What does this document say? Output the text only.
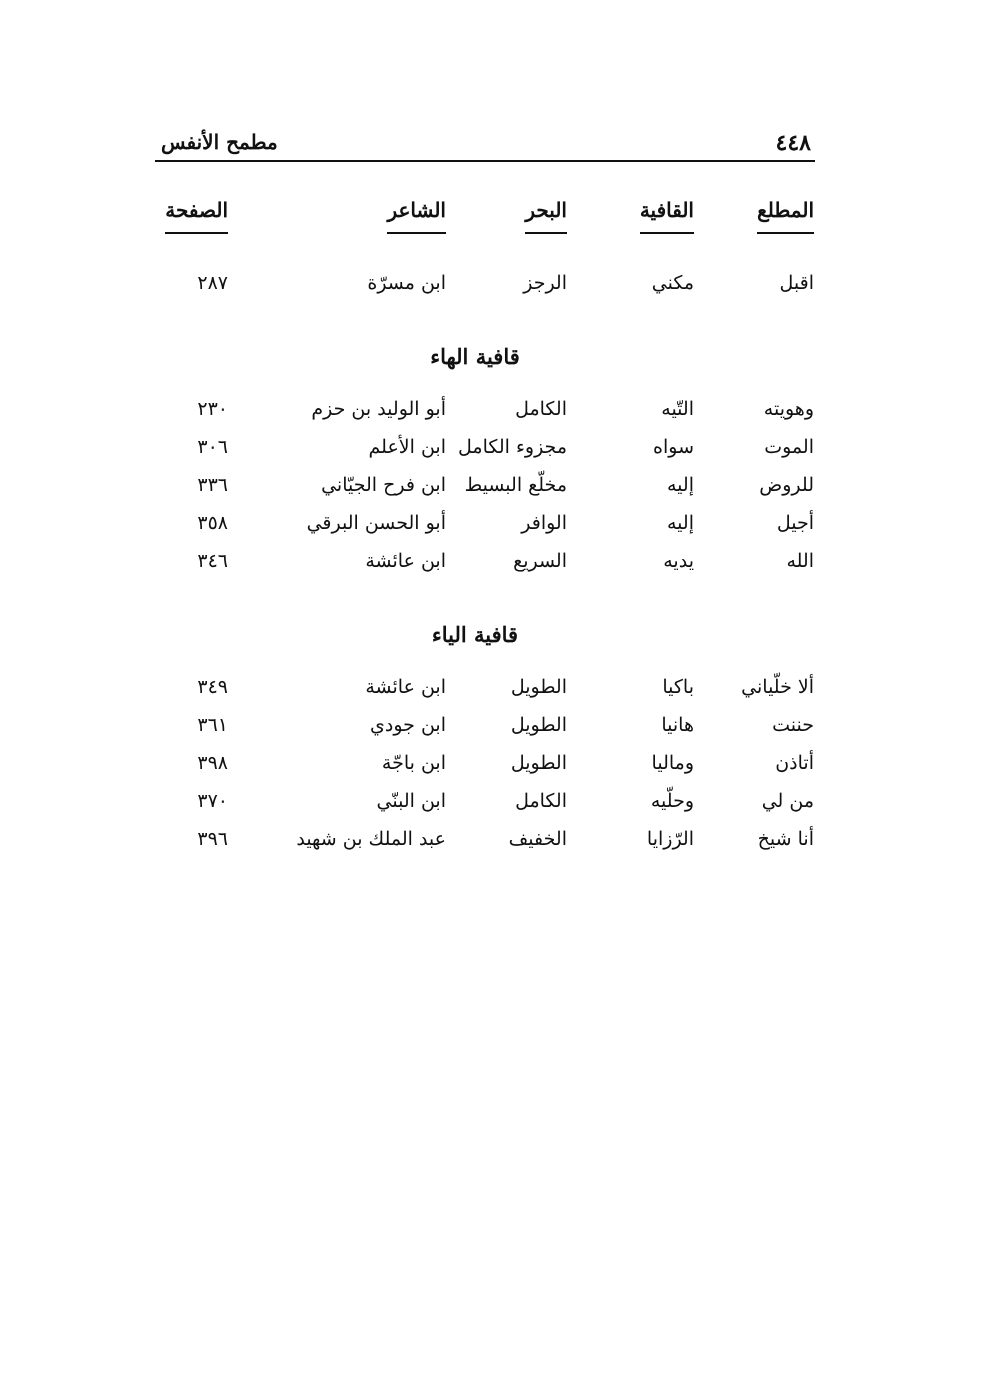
٤٤٨
مطمح الأنفس
المطلع
القافية
البحر
الشاعر
الصفحة
اقبل
مكني
الرجز
ابن مسرّة
٢٨٧
قافية الهاء
وهويته
التّيه
الكامل
أبو الوليد بن حزم
٢٣٠
الموت
سواه
مجزوء الكامل
ابن الأعلم
٣٠٦
للروض
إليه
مخلّع البسيط
ابن فرح الجيّاني
٣٣٦
أجيل
إليه
الوافر
أبو الحسن البرقي
٣٥٨
الله
يديه
السريع
ابن عائشة
٣٤٦
قافية الياء
ألا خلّياني
باكيا
الطويل
ابن عائشة
٣٤٩
حننت
هانيا
الطويل
ابن جودي
٣٦١
أتاذن
وماليا
الطويل
ابن باجّة
٣٩٨
من لي
وحلّيه
الكامل
ابن البنّي
٣٧٠
أنا شيخ
الرّزايا
الخفيف
عبد الملك بن شهيد
٣٩٦
